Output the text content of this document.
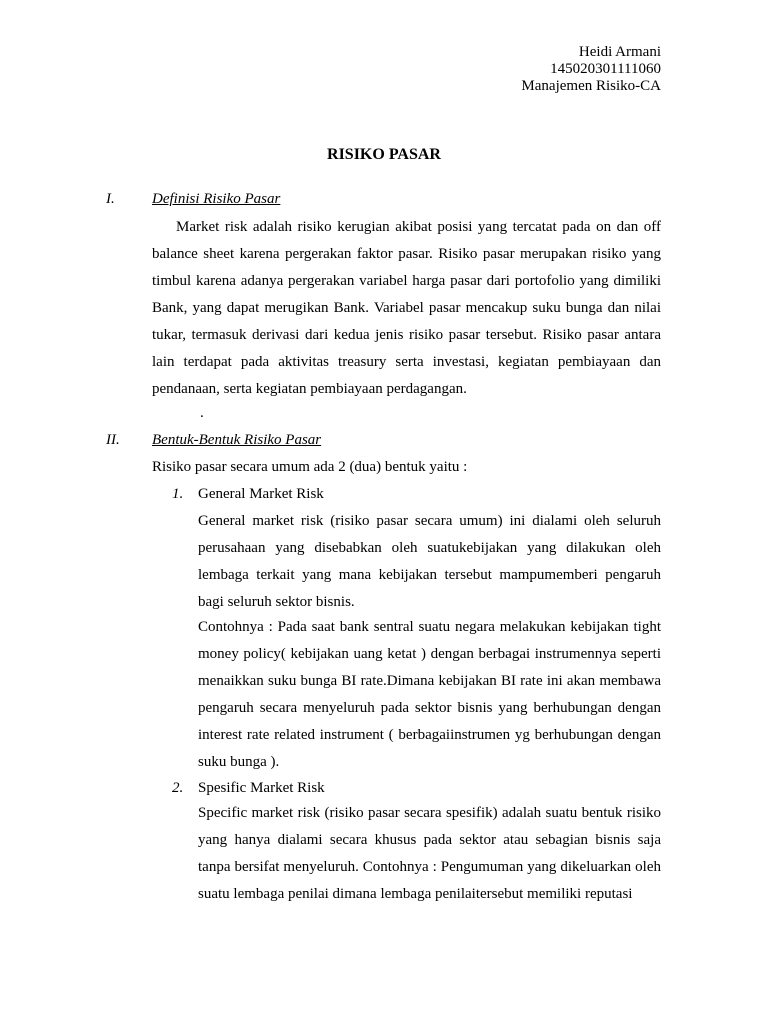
Heidi Armani
145020301111060
Manajemen Risiko-CA
RISIKO PASAR
I. Definisi Risiko Pasar

Market risk adalah risiko kerugian akibat posisi yang tercatat pada on dan off balance sheet karena pergerakan faktor pasar. Risiko pasar merupakan risiko yang timbul karena adanya pergerakan variabel harga pasar dari portofolio yang dimiliki Bank, yang dapat merugikan Bank. Variabel pasar mencakup suku bunga dan nilai tukar, termasuk derivasi dari kedua jenis risiko pasar tersebut. Risiko pasar antara lain terdapat pada aktivitas treasury serta investasi, kegiatan pembiayaan dan pendanaan, serta kegiatan pembiayaan perdagangan.

.
II. Bentuk-Bentuk Risiko Pasar
Risiko pasar secara umum ada 2 (dua) bentuk yaitu :
1. General Market Risk

General market risk (risiko pasar secara umum) ini dialami oleh seluruh perusahaan yang disebabkan oleh suatukebijakan yang dilakukan oleh lembaga terkait yang mana kebijakan tersebut mampumemberi pengaruh bagi seluruh sektor bisnis.

Contohnya : Pada saat bank sentral suatu negara melakukan kebijakan tight money policy( kebijakan uang ketat ) dengan berbagai instrumennya seperti menaikkan suku bunga BI rate.Dimana kebijakan BI rate ini akan membawa pengaruh secara menyeluruh pada sektor bisnis yang berhubungan dengan interest rate related instrument ( berbagaiinstrumen yg berhubungan dengan suku bunga ).

2. Spesific Market Risk

Specific market risk (risiko pasar secara spesifik) adalah suatu bentuk risiko yang hanya dialami secara khusus pada sektor atau sebagian bisnis saja tanpa bersifat menyeluruh. Contohnya : Pengumuman yang dikeluarkan oleh suatu lembaga penilai dimana lembaga penilaitersebut memiliki reputasi
